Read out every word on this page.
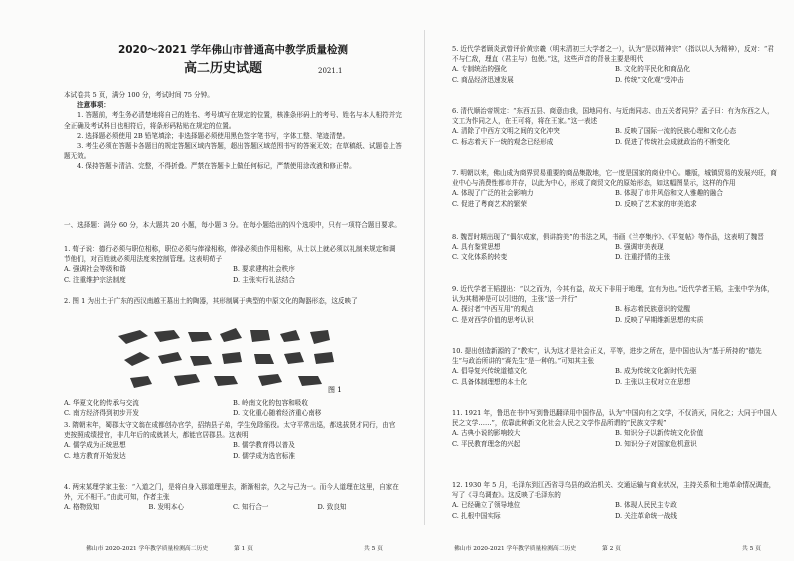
2020～2021 学年佛山市普通高中教学质量检测
高二历史试题	2021.1

本试卷共 5 页，满分 100 分，考试时间 75 分钟。

注意事项：

1. 答题前，考生务必清楚地将自己的姓名、考号填写在规定的位置，核准条形码上的考号、姓名与本人相符并完全正确及考试科目也相符后，将条形码粘贴在规定的位置。

2. 选择题必须使用 2B 铅笔填涂；非选择题必须使用黑色签字笔书写，字体工整、笔迹清楚。

3. 考生必须在答题卡各题目的规定答题区域内答题，超出答题区域范围书写的答案无效；在草稿纸、试题卷上答题无效。

4. 保持答题卡清洁、完整，不得折叠。严禁在答题卡上做任何标记，严禁使用涂改液和修正带。

一、选择题：满分 60 分，本大题共 20 小题，每小题 3 分。在每小题给出的四个选项中，只有一项符合题目要求。

1. 荀子说：德行必须与职位相称，职位必须与俸禄相称，俸禄必须由作用相称，从士以上就必须以礼制来规定和调节他们，对百姓就必须用法度来控制管理。这表明荀子

A. 强调社会等级和谐	B. 要求建构社会秩序
C. 注重维护宗法制度	D. 主张实行礼法结合

2. 图 1 为出土于广东的西汉南越王墓出土的陶器，其形制属于典型的中原文化的陶器形态，这反映了

图 1
A. 华夏文化的传承与交流	B. 岭南文化的包容和吸收
C. 南方经济得到初步开发	D. 文化重心随着经济重心南移

3. 隋朝末年，蜀郡太守文翁在成都创办官学，招纳县子弟，学生免除徭役。太守平常出巡，都选拔贤才同行，由官吏按照成绩授官，非几年后的成就甚大，都能官居郡县。这表明

A. 儒学成为正统思想	B. 儒学教育得以普及
C. 地方教育开始发达	D. 儒学成为选官标准

4. 两宋某理学家主张：“入道之门，是将自身入那道理里去，渐渐相亲，久之与己为一。而今人道理在这里，自家在外，元不相干。”由此可知，作者主张

A. 格物致知	B. 发明本心	C. 知行合一	D. 致良知
佛山市 2020-2021 学年教学质量检测高二历史	第 1 页	共 5 页

5. 近代学者顾炎武曾评价黄宗羲（明末清初三大学者之一），认为“是以精神宗”（指以以人为精神），反对：“君不与仁敌，理直（君主与）包使。”这，这些声音的背景主要是明代

A. 专制统治的强化	B. 文化的平民化和商品化
C. 商品经济迅速发展	D. 传统“文化观”受冲击

6. 清代顺治帝规定：“东西五县、商意由我，国地同有、与近南同志、由五关者同异？孟子曰：有为东西之人，文工为作同之人，在王可将，将在王家。”这一表述

A. 清除了中西方文明之间的文化冲突	B. 反映了国际一流的民族心理和文化心态
C. 标志着天下一统的观念已经形成	D. 促进了传统社会成就政治的不断变化

7. 明朝以来，佛山成为商界贸易重要的商品集散地，它一度是国家的商业中心。雕版，城镇贸易的发展兴旺，商业中心与消费性都市并存，以此为中心，形成了商贸文化的原始形态，如这幅图显示，这样的作用

A. 体现了广泛的社会影响力	B. 体现了市井风俗和文人雅趣的融合
C. 促进了粤商艺术的繁荣	D. 反映了艺术家的审美追求

8. 魏晋时期出现了“偶尔成家，俱讲韵美”的书法之风，书画《兰亭集序》、《平复帖》等作品，这表明了魏晋

A. 具有鉴赏思想	B. 强调审美表现
C. 文化体系的转变	D. 注重抒情的主张

9. 近代学者王韬提出：“以之而为，今其有益，故天下非用于地理，宜有为也。”近代学者王韬，主张中学为体，认为其精神是可以引进的，主张“送一并行”

A. 探讨者“中西互用”的观点	B. 标志着民族意识的觉醒
C. 是对西学价值的思考认识	D. 反映了早期维新思想的实质

10. 提出创造新源的了“教实”，认为这才是社会正义，平等，进步之所在，是中国也认为“基于所持的“德先生”与政治所讲的“赛先生”是一种的。”可知其主张

A. 倡导复兴传统道德文化	B. 成为传统文化新时代先驱
C. 具备体制理想的本土化	D. 主张以主权对立在思想

11. 1921 年，鲁迅在书中写到鲁迅翻译用中国作品，认为“中国向有之文学，不仅消灭，同化之；大同于中国人民之文学……”，依靠此种新文化社会人民之文学作品所谓的“民族文学观”

A. 古典小说的影响较大	B. 知识分子以新传统文化价值
C. 平民教育理念的兴起	D. 知识分子对国家危机意识

12. 1930 年 5 月，毛泽东到江西省寻乌县的政治机关、交通运输与商业状况，主持关系和土地革命情况调查，写了《寻乌调查》。这反映了毛泽东的

A. 已经确立了领导地位	B. 体现人民民主专政
C. 扎根中国实际	D. 关注革命统一战线
佛山市 2020-2021 学年教学质量检测高二历史	第 2 页	共 5 页
